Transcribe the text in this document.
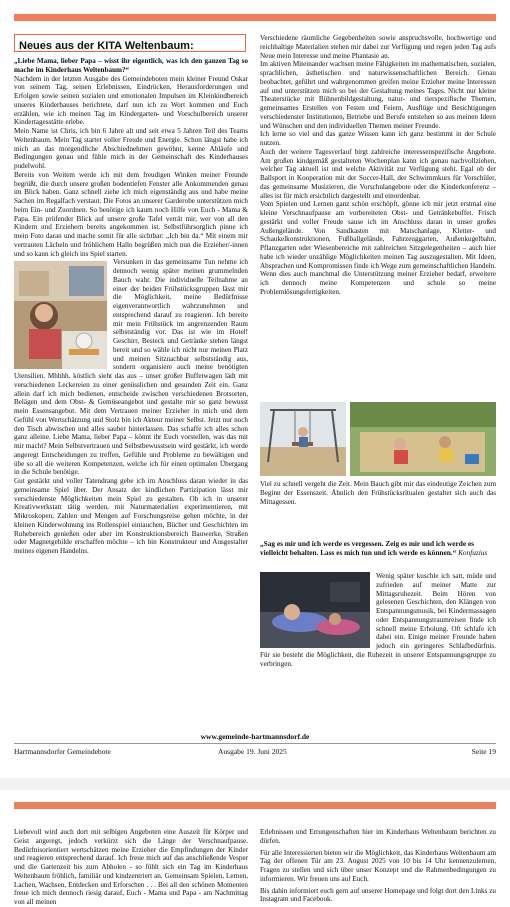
Neues aus der KITA Weltenbaum:

„Liebe Mama, lieber Papa – wisst ihr eigentlich, was ich den ganzen Tag so mache im Kinderhaus Weltenbaum?“

Nachdem in der letzten Ausgabe des Gemeindeboten mein kleiner Freund Oskar von seinem Tag, seinen Erlebnissen, Eindrücken, Herausforderungen und Erfolgen sowie seinen sozialen und emotionalen Impulsen im Kleinkindbereich unseres Kinderhauses berichtete, darf nun ich zu Wort kommen und Euch erzählen, wie ich meinen Tag im Kindergarten- und Vorschulbereich unserer Kindertagesstätte erlebe.

Mein Name ist Chris, ich bin 6 Jahre alt und seit etwa 5 Jahren Teil des Teams Weltenbaum. Mein Tag startet voller Freude und Energie. Schon längst habe ich mich an das morgendliche Abschiednehmen gewöhnt, kenne Abläufe und Bedingungen genau und fühle mich in der Gemeinschaft des Kinderhauses pudelwohl.

Bereits von Weitem werde ich mit dem freudigen Winken meiner Freunde begrüßt, die durch unsere großen bodentiefen Fenster alle Ankommenden genau im Blick haben. Ganz schnell ziehe ich mich eigenständig aus und habe meine Sachen im Regalfach verstaut. Die Fotos an unserer Garderobe unterstützen mich beim Ein- und Zuordnen. So benötige ich kaum noch Hilfe von Euch - Mama & Papa. Ein prüfender Blick auf unsere große Tafel verrät mir, wer von all den Kindern und Erziehern bereits angekommen ist. Selbstführsorglich pinne ich mein Foto daran und mache somit für alle sichtbar: „Ich bin da.“ Mit einem mir vertrauten Lächeln und fröhlichem Hallo begrüßen mich nun die Erzieher/-innen und so kann ich gleich ins Spiel starten.

Versunken in das gemeinsame Tun nehme ich dennoch wenig später meinen grummelnden Bauch wahr. Die individuelle Teilnahme an einer der beiden Frühstücksgruppen lässt mir die Möglichkeit, meine Bedürfnisse eigenverantwortlich wahrzunehmen und entsprechend darauf zu reagieren. Ich bereite mir mein Frühstück im angrenzenden Raum selbstständig vor. Das ist wie im Hotel! Geschirr, Besteck und Getränke stehen längst bereit und so wähle ich nicht nur meinen Platz und meinen Sitznachbar selbstständig aus, sondern organisiere auch meine benötigten Utensilien. Mhhhh, köstlich sieht das aus – unser großer Buffetwagen lädt mit verschiedenen Leckereien zu einer genüsslichen und gesunden Zeit ein. Ganz allein darf ich mich bedienen, entscheide zwischen verschiedenen Brotsorten, Belägen und dem Obst- & Gemüseangebot und gestalte mir so ganz bewusst mein Essensangebot. Mit dem Vertrauen meiner Erzieher in mich und dem Gefühl von Wertschätzung und Stolz bin ich Akteur meiner Selbst. Jetzt nur noch den Tisch abwischen und alles sauber hinterlassen. Das schaffe ich alles schon ganz alleine. Liebe Mama, lieber Papa – könnt ihr Euch vorstellen, was das mit mir macht? Mein Selbstvertrauen und Selbstbewusstsein wird gestärkt, ich werde angeregt Entscheidungen zu treffen, Gefühle und Probleme zu bewältigen und übe so all die weiteren Kompetenzen, welche ich für einen optimalen Übergang in die Schule benötige.

Gut gestärkt und voller Tatendrang gebe ich im Anschluss daran wieder in das gemeinsame Spiel über. Der Ansatz der kindlichen Partizipation lässt mir verschiedenste Möglichkeiten mein Spiel zu gestalten. Ob ich in unserer Kreativwerkstatt tätig werden, mit Naturmaterialien experimentieren, mit Mikroskopen, Zahlen und Mengen auf Forschungsreise gehen möchte, in der kleinen Kinderwohnung ins Rollenspiel eintauchen, Bücher und Geschichten im Ruhebereich genießen oder aber im Konstruktionsbereich Bauwerke, Straßen oder Magnetgebilde erschaffen möchte – ich bin Konstrukteur und Ausgestalter meines eigenen Handelns.

Verschiedene räumliche Gegebenheiten sowie anspruchsvolle, hochwertige und reichhaltige Materialien stehen mir dabei zur Verfügung und regen jeden Tag aufs Neue mein Interesse und meine Phantasie an.

Im aktiven Miteinander wachsen meine Fähigkeiten im mathematischen, sozialen, sprachlichen, ästhetischen und naturwissenschaftlichen Bereich. Genau beobachtet, geführt und wahrgenommen greifen meine Erzieher meine Interessen auf und unterstützen mich so bei der Gestaltung meines Tages. Nicht nur kleine Theaterstücke mit Bühnenbildgestaltung, natur- und tierspezifische Themen, gemeinsames Erstellen von Festen und Feiern, Ausflüge und Besichtigungen verschiedenster Institutionen, Betriebe und Berufe entstehen so aus meinen Ideen und Wünschen und den individuellen Themen meiner Freunde.

Ich lerne so viel und das ganze Wissen kann ich ganz bestimmt in der Schule nutzen.

Auch der weitere Tagesverlauf birgt zahlreiche interessenspezifische Angebote. Am großen kindgemäß gestalteten Wochenplan kann ich genau nachvollziehen, welcher Tag aktuell ist und welche Aktivität zur Verfügung steht. Egal ob der Ballsport in Kooperation mit der Soccer-Hall, der Schwimmkurs für Vorschüler, das gemeinsame Musizieren, die Vorschulangebote oder die Kinderkonferenz – alles ist für mich ersichtlich dargestellt und einordenbar.

Vom Spielen und Lernen ganz schön erschöpft, gönne ich mir jetzt erstmal eine kleine Verschnaufpause am vorbereiteten Obst- und Getränkebuffet. Frisch gestärkt und voller Freude sause ich im Anschluss daran in unser großes Außengelände. Von Sandkasten mit Matschanlage, Kletter- und Schaukelkonstruktionen, Fußballgelände, Fahrzeuggarten, Außenkugelbahn, Pflanzgarten oder Wiesenbereiche mit zahlreichen Sitzgelegenheiten – auch hier habe ich wieder unzählige Möglichkeiten meinen Tag auszugestalten. Mit Ideen, Absprachen und Kompromissen finde ich Wege zum gemeinschaftlichen Handeln. Wenn dies auch manchmal die Unterstützung meiner Erzieher bedarf, erweitere ich dennoch meine Kompetenzen und schule so meine Problemlösungsfertigkeiten.

Viel zu schnell vergeht die Zeit. Mein Bauch gibt mir das eindeutige Zeichen zum Beginn der Essenszeit. Ähnlich den Frühstücksritualen gestaltet sich auch das Mittagessen.

„Sag es mir und ich werde es vergessen. Zeig es mir und ich werde es vielleicht behalten. Lass es mich tun und ich werde es können.“ Konfuzius

Wenig später kuschle ich satt, müde und zufrieden auf meiner Matte zur Mittagsruhezeit. Beim Hören von gelesenen Geschichten, den Klängen von Entspannungsmusik, bei Kindermassagen oder Entspannungstraumreisen finde ich schnell meine Erholung. Oft schlafe ich dabei ein. Einige meiner Freunde haben jedoch ein geringeres Schlafbedürfnis. Für sie besteht die Möglichkeit, die Ruhezeit in unserer Entspannungsgruppe zu verbringen.

www.gemeinde-hartmannsdorf.de
Hartmannsdorfer Gemeindebote	Ausgabe 19. Juni 2025	Seite 19

Liebevoll wird auch dort mit selbigen Angeboten eine Auszeit für Körper und Geist angeregt, jedoch verkürzt sich die Länge der Verschnaufpause. Bedürfnisorientiert wertschätzen meine Erzieher die Empfindungen der Kinder und reagieren entsprechend darauf. Ich freue mich auf das anschließende Vesper und die Gartenzeit bis zum Abholen - so fühlt sich ein Tag im Kinderhaus Weltenbaum fröhlich, familiär und kindzentriert an. Gemeinsam Spielen, Lernen, Lachen, Wachsen, Entdecken und Erforschen . . . Bei all den schönen Momenten freue ich mich dennoch riesig darauf, Euch - Mama und Papa - am Nachmittag von all meinen

Erlebnissen und Errungenschaften hier im Kinderhaus Weltenbaum berichten zu dürfen.

Für alle Interessierten bieten wir die Möglichkeit, das Kinderhaus Weltenbaum am Tag der offenen Tür am 23. August 2025 von 10 bis 14 Uhr kennenzulernen, Fragen zu stellen und sich über unser Konzept und die Rahmenbedingungen zu informieren. Wir freuen uns auf Euch.

Bis dahin informiert euch gern auf unserer Homepage und folgt dort den Links zu Instagram und Facebook.
